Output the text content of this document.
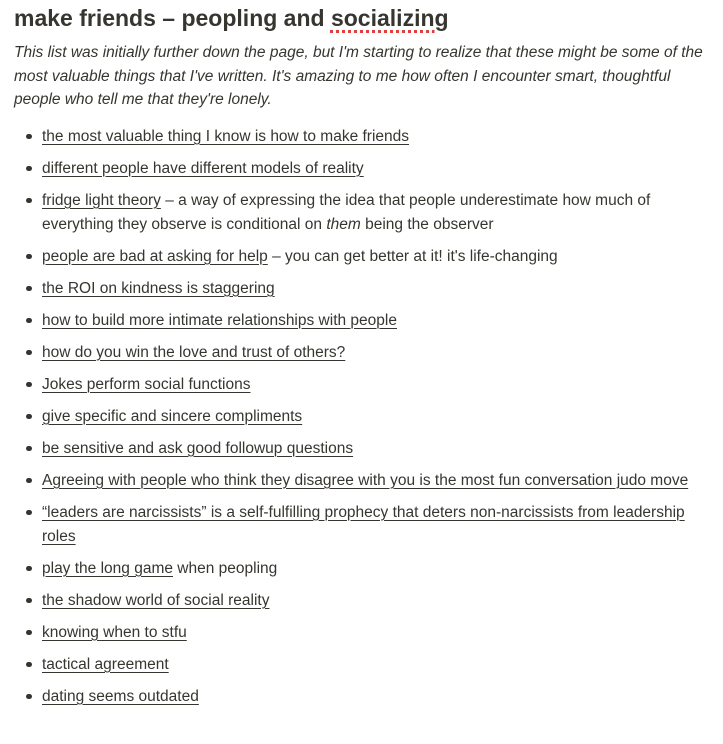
make friends – peopling and socializing

This list was initially further down the page, but I'm starting to realize that these might be some of the most valuable things that I've written. It's amazing to me how often I encounter smart, thoughtful people who tell me that they're lonely.

the most valuable thing I know is how to make friends
different people have different models of reality
fridge light theory – a way of expressing the idea that people underestimate how much of everything they observe is conditional on them being the observer
people are bad at asking for help – you can get better at it! it's life-changing
the ROI on kindness is staggering
how to build more intimate relationships with people
how do you win the love and trust of others?
Jokes perform social functions
give specific and sincere compliments
be sensitive and ask good followup questions
Agreeing with people who think they disagree with you is the most fun conversation judo move
“leaders are narcissists” is a self-fulfilling prophecy that deters non-narcissists from leadership roles
play the long game when peopling
the shadow world of social reality
knowing when to stfu
tactical agreement
dating seems outdated
